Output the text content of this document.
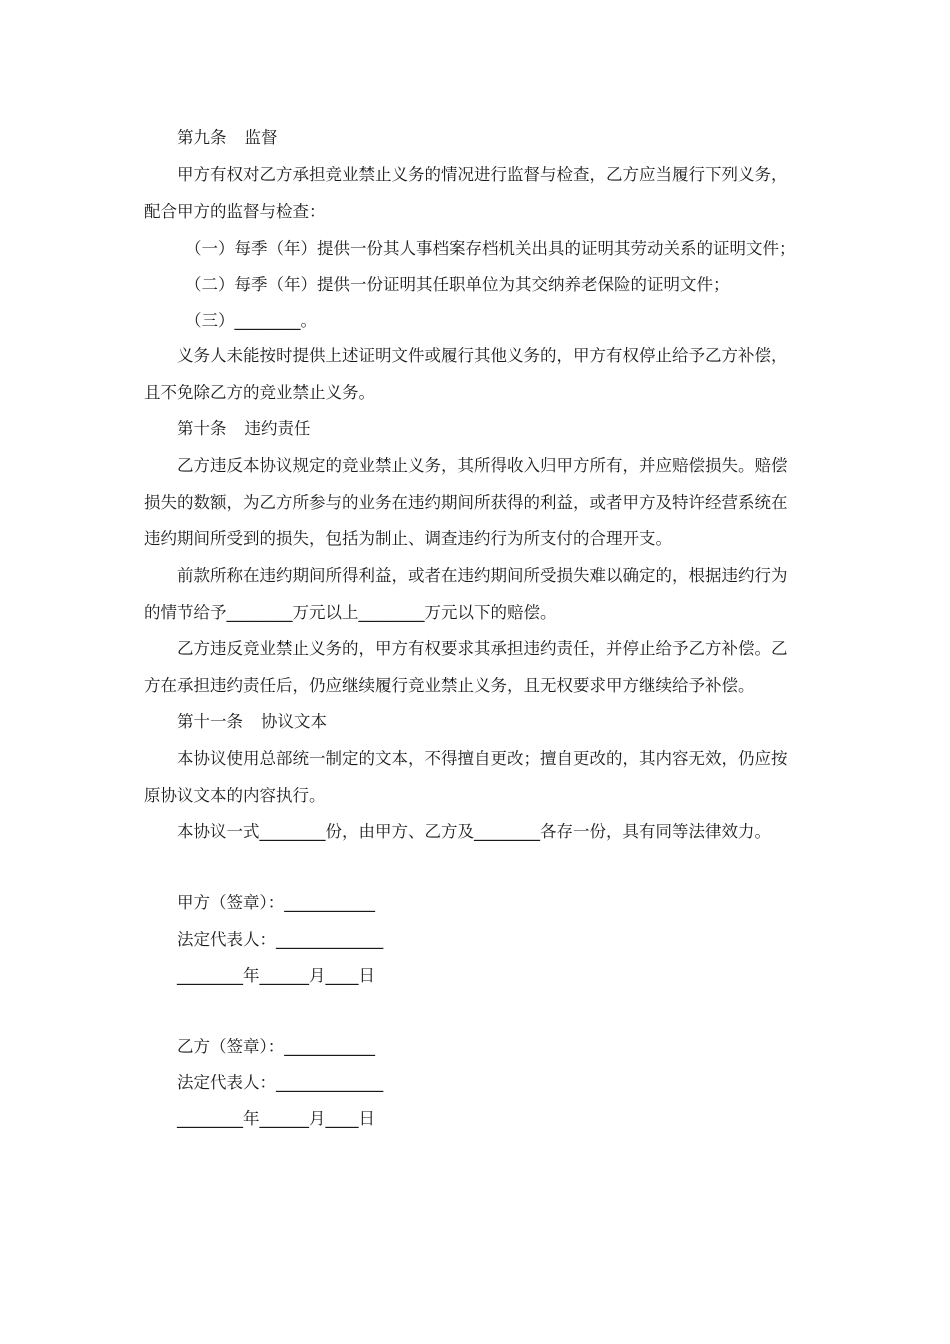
第九条 监督
甲方有权对乙方承担竞业禁止义务的情况进行监督与检查，乙方应当履行下列义务，
配合甲方的监督与检查：
（一）每季（年）提供一份其人事档案存档机关出具的证明其劳动关系的证明文件；
（二）每季（年）提供一份证明其任职单位为其交纳养老保险的证明文件；
（三）________。
义务人未能按时提供上述证明文件或履行其他义务的，甲方有权停止给予乙方补偿，
且不免除乙方的竞业禁止义务。
第十条 违约责任
乙方违反本协议规定的竞业禁止义务，其所得收入归甲方所有，并应赔偿损失。赔偿
损失的数额，为乙方所参与的业务在违约期间所获得的利益，或者甲方及特许经营系统在
违约期间所受到的损失，包括为制止、调查违约行为所支付的合理开支。
前款所称在违约期间所得利益，或者在违约期间所受损失难以确定的，根据违约行为
的情节给予________万元以上________万元以下的赔偿。
乙方违反竞业禁止义务的，甲方有权要求其承担违约责任，并停止给予乙方补偿。乙
方在承担违约责任后，仍应继续履行竞业禁止义务，且无权要求甲方继续给予补偿。
第十一条 协议文本
本协议使用总部统一制定的文本，不得擅自更改；擅自更改的，其内容无效，仍应按
原协议文本的内容执行。
本协议一式________份，由甲方、乙方及________各存一份，具有同等法律效力。
甲方（签章）：___________
法定代表人：_____________
________年______月____日
乙方（签章）：___________
法定代表人：_____________
________年______月____日
